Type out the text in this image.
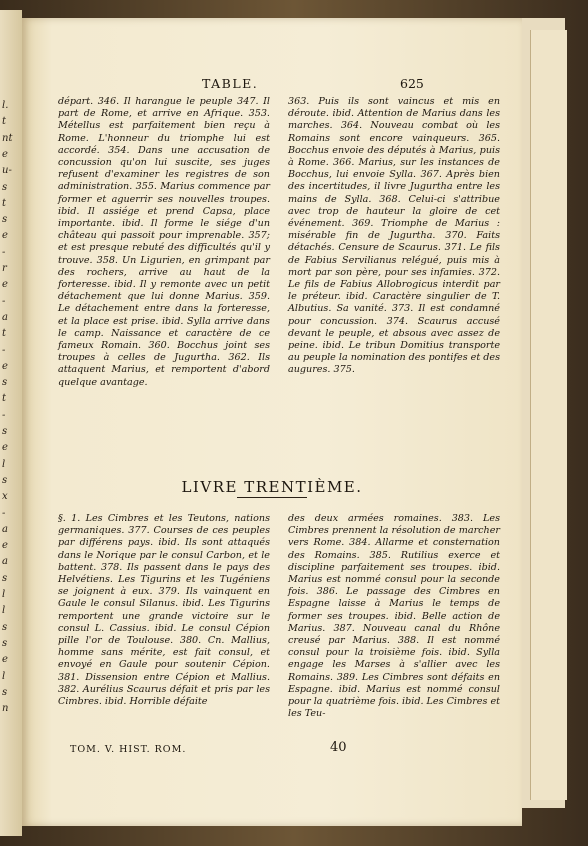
l.
t
nt
e
u-
s
t
s
e
-
r
e
-
a
t
-
e
s
t
-
s
e
l
s
x
-
a
e
a
s
l
l
s
s
e
l
s
n
TABLE.	625

départ. 346. Il harangue le peuple 347. Il part de Rome, et arrive en Afrique. 353. Métellus est parfaitement bien reçu à Rome. L'honneur du triomphe lui est accordé. 354. Dans une accusation de concussion qu'on lui suscite, ses juges refusent d'examiner les registres de son administration. 355. Marius commence par former et aguerrir ses nouvelles troupes. ibid. Il assiége et prend Capsa, place importante. ibid. Il forme le siége d'un château qui passoit pour imprenable. 357; et est presque rebuté des difficultés qu'il y trouve. 358. Un Ligurien, en grimpant par des rochers, arrive au haut de la forteresse. ibid. Il y remonte avec un petit détachement que lui donne Marius. 359. Le détachement entre dans la forteresse, et la place est prise. ibid. Sylla arrive dans le camp. Naissance et caractère de ce fameux Romain. 360. Bocchus joint ses troupes à celles de Jugurtha. 362. Ils attaquent Marius, et remportent d'abord quelque avantage.

363. Puis ils sont vaincus et mis en déroute. ibid. Attention de Marius dans les marches. 364. Nouveau combat où les Romains sont encore vainqueurs. 365. Bocchus envoie des députés à Marius, puis à Rome. 366. Marius, sur les instances de Bocchus, lui envoie Sylla. 367. Après bien des incertitudes, il livre Jugurtha entre les mains de Sylla. 368. Celui-ci s'attribue avec trop de hauteur la gloire de cet événement. 369. Triomphe de Marius : misérable fin de Jugurtha. 370. Faits détachés. Censure de Scaurus. 371. Le fils de Fabius Servilianus relégué, puis mis à mort par son père, pour ses infamies. 372. Le fils de Fabius Allobrogicus interdit par le préteur. ibid. Caractère singulier de T. Albutius. Sa vanité. 373. Il est condamné pour concussion. 374. Scaurus accusé devant le peuple, et absous avec assez de peine. ibid. Le tribun Domitius transporte au peuple la nomination des pontifes et des augures. 375.

LIVRE TRENTIÈME.

§. 1. Les Cimbres et les Teutons, nations germaniques. 377. Courses de ces peuples par différens pays. ibid. Ils sont attaqués dans le Norique par le consul Carbon, et le battent. 378. Ils passent dans le pays des Helvétiens. Les Tigurins et les Tugéniens se joignent à eux. 379. Ils vainquent en Gaule le consul Silanus. ibid. Les Tigurins remportent une grande victoire sur le consul L. Cassius. ibid. Le consul Cépion pille l'or de Toulouse. 380. Cn. Mallius, homme sans mérite, est fait consul, et envoyé en Gaule pour soutenir Cépion. 381. Dissension entre Cépion et Mallius. 382. Aurélius Scaurus défait et pris par les Cimbres. ibid. Horrible défaite

des deux armées romaines. 383. Les Cimbres prennent la résolution de marcher vers Rome. 384. Allarme et consternation des Romains. 385. Rutilius exerce et discipline parfaitement ses troupes. ibid. Marius est nommé consul pour la seconde fois. 386. Le passage des Cimbres en Espagne laisse à Marius le temps de former ses troupes. ibid. Belle action de Marius. 387. Nouveau canal du Rhône creusé par Marius. 388. Il est nommé consul pour la troisième fois. ibid. Sylla engage les Marses à s'allier avec les Romains. 389. Les Cimbres sont défaits en Espagne. ibid. Marius est nommé consul pour la quatrième fois. ibid. Les Cimbres et les Teu-

TOM. V. HIST. ROM.	40
